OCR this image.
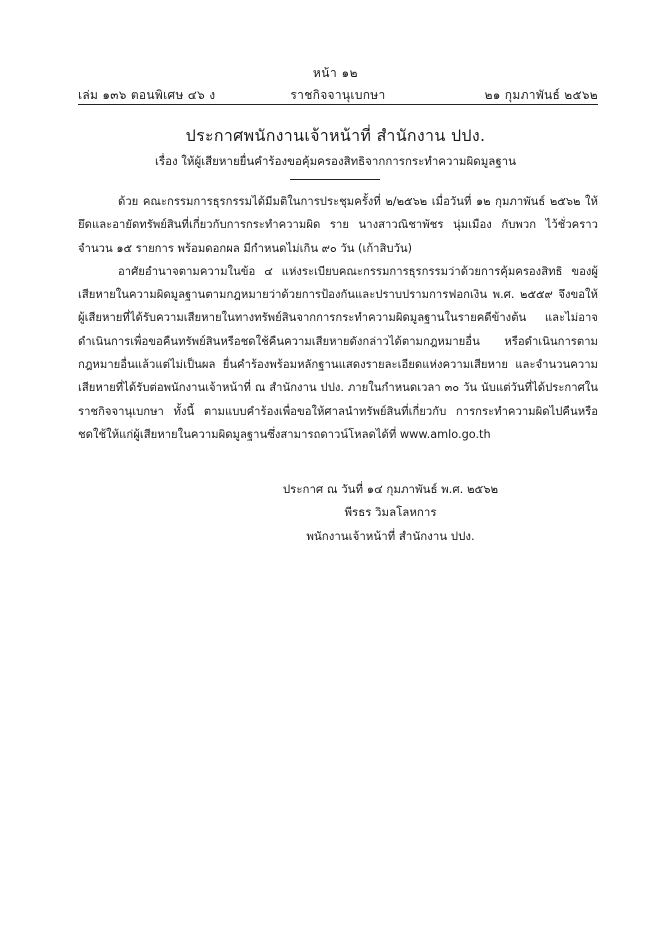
หน้า ๑๒
เล่ม ๑๓๖ ตอนพิเศษ ๔๖ ง	ราชกิจจานุเบกษา	๒๑ กุมภาพันธ์ ๒๕๖๒
ประกาศพนักงานเจ้าหน้าที่ สำนักงาน ปปง.
เรื่อง ให้ผู้เสียหายยื่นคำร้องขอคุ้มครองสิทธิจากการกระทำความผิดมูลฐาน

ด้วย คณะกรรมการธุรกรรมได้มีมติในการประชุมครั้งที่ ๒/๒๕๖๒ เมื่อวันที่ ๑๒ กุมภาพันธ์ ๒๕๖๒ ให้ยึดและอายัดทรัพย์สินที่เกี่ยวกับการกระทำความผิด ราย นางสาวณิชาพัชร นุ่มเมือง กับพวก ไว้ชั่วคราว จำนวน ๑๕ รายการ พร้อมดอกผล มีกำหนดไม่เกิน ๙๐ วัน (เก้าสิบวัน)

อาศัยอำนาจตามความในข้อ ๔ แห่งระเบียบคณะกรรมการธุรกรรมว่าด้วยการคุ้มครองสิทธิ ของผู้เสียหายในความผิดมูลฐานตามกฎหมายว่าด้วยการป้องกันและปราบปรามการฟอกเงิน พ.ศ. ๒๕๕๙ จึงขอให้ผู้เสียหายที่ได้รับความเสียหายในทางทรัพย์สินจากการกระทำความผิดมูลฐานในรายคดีข้างต้น และไม่อาจดำเนินการเพื่อขอคืนทรัพย์สินหรือชดใช้คืนความเสียหายดังกล่าวได้ตามกฎหมายอื่น หรือดำเนินการตามกฎหมายอื่นแล้วแต่ไม่เป็นผล ยื่นคำร้องพร้อมหลักฐานแสดงรายละเอียดแห่งความเสียหาย และจำนวนความเสียหายที่ได้รับต่อพนักงานเจ้าหน้าที่ ณ สำนักงาน ปปง. ภายในกำหนดเวลา ๓๐ วัน นับแต่วันที่ได้ประกาศในราชกิจจานุเบกษา ทั้งนี้ ตามแบบคำร้องเพื่อขอให้ศาลนำทรัพย์สินที่เกี่ยวกับ การกระทำความผิดไปคืนหรือชดใช้ให้แก่ผู้เสียหายในความผิดมูลฐานซึ่งสามารถดาวน์โหลดได้ที่ www.amlo.go.th

ประกาศ ณ วันที่ ๑๔ กุมภาพันธ์ พ.ศ. ๒๕๖๒
พีรธร วิมลโลหการ
พนักงานเจ้าหน้าที่ สำนักงาน ปปง.
